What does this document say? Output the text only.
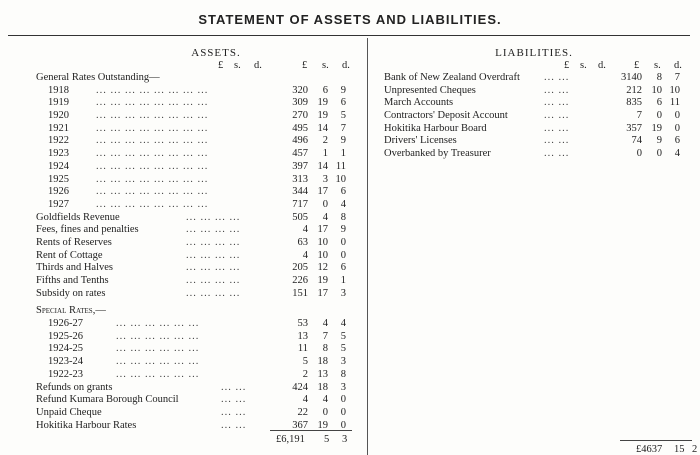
STATEMENT OF ASSETS AND LIABILITIES.
ASSETS.
£ s. d.	£ s. d.
General Rates Outstanding—
1918	... ... ... ... ... ... ... ...	320	6	9
1919	... ... ... ... ... ... ... ...	309 19	6
1920	... ... ... ... ... ... ... ...	270 19	5
1921	... ... ... ... ... ... ... ...	495 14	7
1922	... ... ... ... ... ... ... ...	496	2	9
1923	... ... ... ... ... ... ... ...	457	1	1
1924	... ... ... ... ... ... ... ...	397 14 11
1925	... ... ... ... ... ... ... ...	313	3 10
1926	... ... ... ... ... ... ... ...	344 17	6
1927	... ... ... ... ... ... ... ...	717	0	4
Goldfields Revenue	... ... ... ...	505	4	8
Fees, fines and penalties	... ... ... ...	4 17	9
Rents of Reserves	... ... ... ...	63 10	0
Rent of Cottage	... ... ... ...	4 10	0
Thirds and Halves	... ... ... ...	205 12	6
Fifths and Tenths	... ... ... ...	226 19	1
Subsidy on rates	... ... ... ...	151 17	3
Special Rates,—
1926-27	... ... ... ... ... ...	53	4	4
1925-26	... ... ... ... ... ...	13	7	5
1924-25	... ... ... ... ... ...	11	8	5
1923-24	... ... ... ... ... ...	5 18	3
1922-23	... ... ... ... ... ...	2 13	8
Refunds on grants	... ...	424 18	3
Refund Kumara Borough Council	... ...	4	4	0
Unpaid Cheque	... ...	22	0	0
Hokitika Harbour Rates	... ...	367 19	0
£6,191 5 3
LIABILITIES.
£ s. d.	£ s. d.
Bank of New Zealand Overdraft ... ...	3140	8	7
Unpresented Cheques	... ...	212 10 10
March Accounts	... ...	835	6 11
Contractors' Deposit Account	... ...	7	0	0
Hokitika Harbour Board	... ...	357 19	0
Drivers' Licenses	... ...	74	9	6
Overbanked by Treasurer	... ...	0	0	4
£4637 15 2
